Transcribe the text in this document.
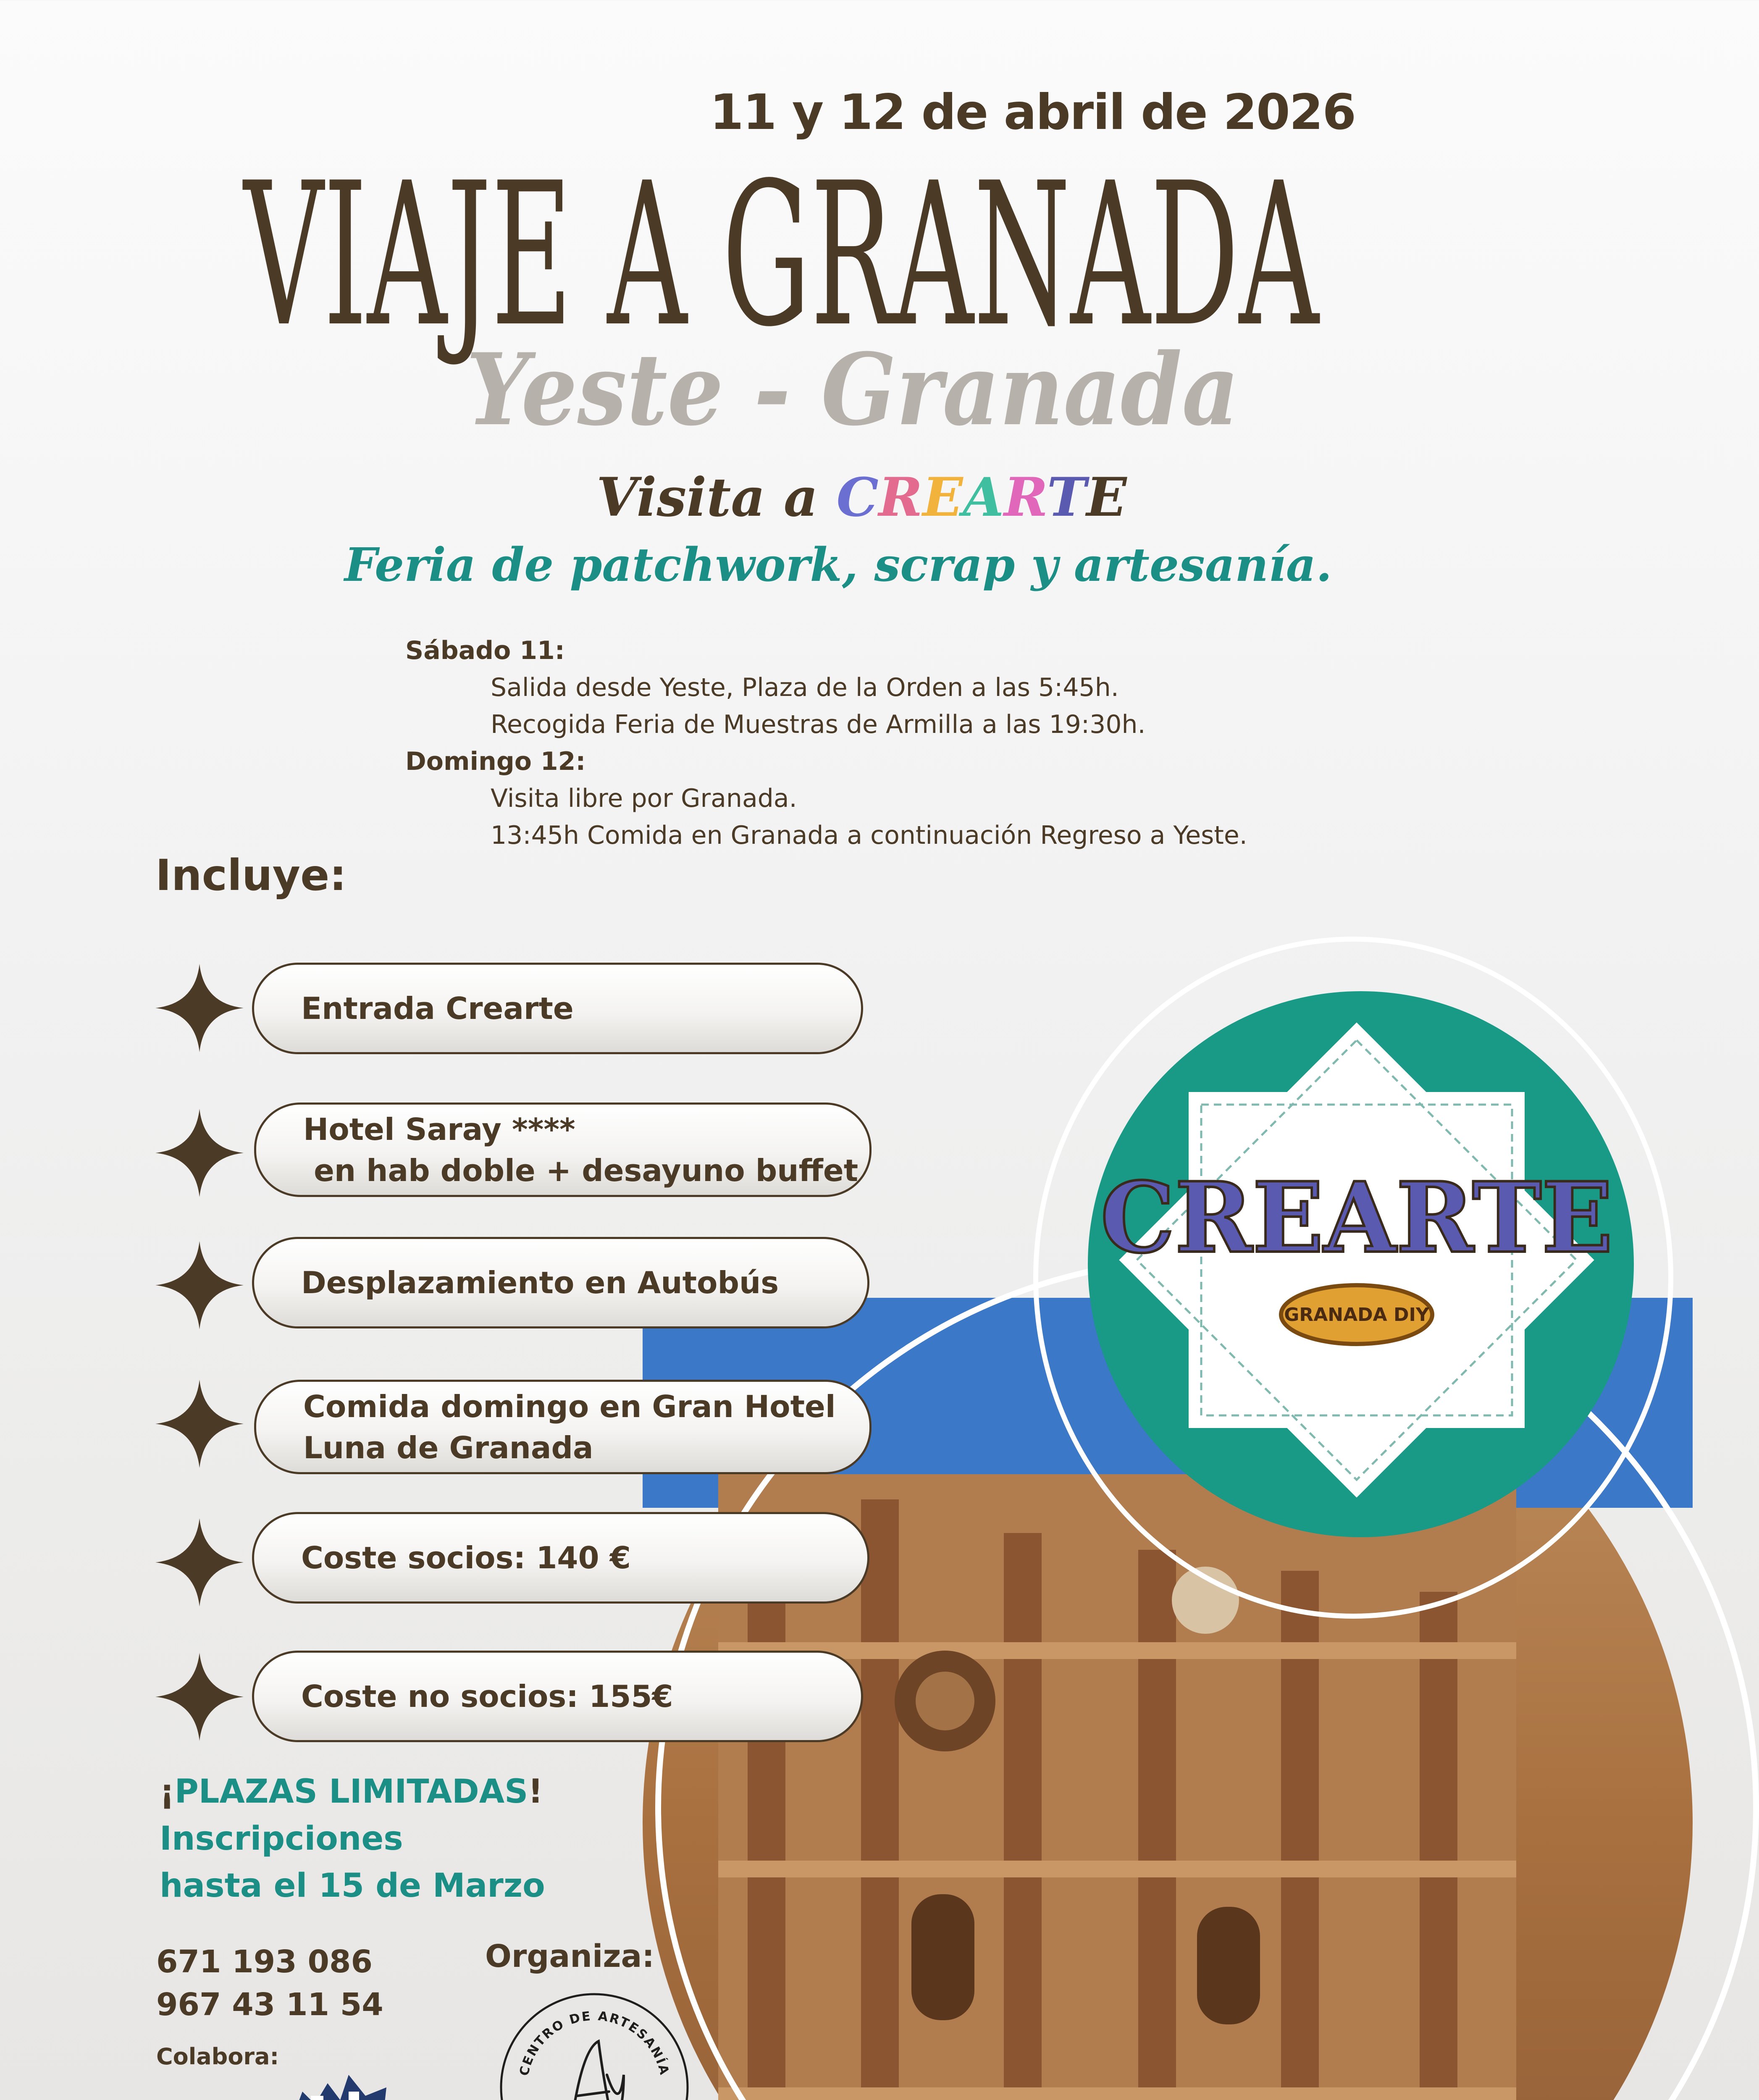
11 y 12 de abril de 2026
VIAJE A GRANADA
Yeste - Granada
Visita a CREARTE
Feria de patchwork, scrap y artesanía.
Sábado 11:
Salida desde Yeste, Plaza de la Orden a las 5:45h.
Recogida Feria de Muestras de Armilla a las 19:30h.
Domingo 12:
Visita libre por Granada.
13:45h Comida en Granada a continuación Regreso a Yeste.
Incluye:
CREARTE
GRANADA DIY
Entrada Crearte
Hotel Saray ****
en hab doble + desayuno buffet
Desplazamiento en Autobús
Comida domingo en Gran Hotel
Luna de Granada
Coste socios: 140 €
Coste no socios: 155€
¡PLAZAS LIMITADAS!
Inscripciones
hasta el 15 de Marzo
671 193 086
967 43 11 54
Colabora:
Organiza:
CENTRO DE ARTESANÍA
